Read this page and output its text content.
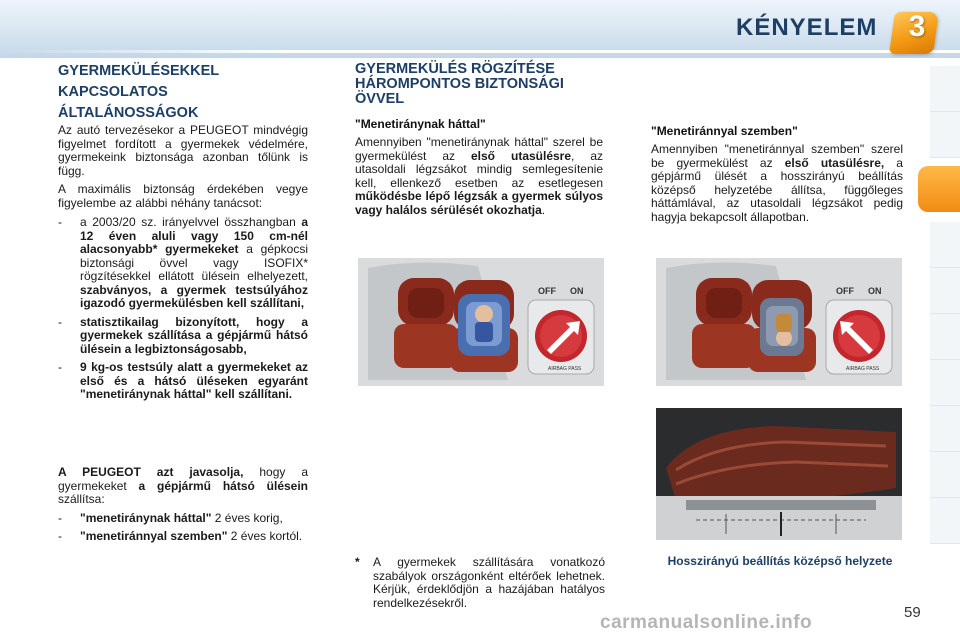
KÉNYELEM 3
GYERMEKÜLÉSEKKEL
KAPCSOLATOS
ÁLTALÁNOSSÁGOK

Az autó tervezésekor a PEUGEOT mindvégig figyelmet fordított a gyermekek védelmére, gyermekeink biztonsága azonban tőlünk is függ.

A maximális biztonság érdekében vegye figyelembe az alábbi néhány tanácsot:

- a 2003/20 sz. irányelvvel összhangban a 12 éven aluli vagy 150 cm-nél alacsonyabb* gyermekeket a gépkocsi biztonsági övvel vagy ISOFIX* rögzítésekkel ellátott ülésein elhelyezett, szabványos, a gyermek testsúlyához igazodó gyermekülésben kell szállítani,
- statisztikailag bizonyított, hogy a gyermekek szállítása a gépjármű hátsó ülésein a legbiztonságosabb,
- 9 kg-os testsúly alatt a gyermekeket az első és a hátsó üléseken egyaránt "menetiránynak háttal" kell szállítani.

A PEUGEOT azt javasolja, hogy a gyermekeket a gépjármű hátsó ülésein szállítsa:

- "menetiránynak háttal" 2 éves korig,
- "menetiránnyal szemben" 2 éves kortól.
GYERMEKÜLÉS RÖGZÍTÉSE
HÁROMPONTOS BIZTONSÁGI
ÖVVEL
"Menetiránynak háttal"

Amennyiben "menetiránynak háttal" szerel be gyermekülést az első utasülésre, az utasoldali légzsákot mindig semlegesítenie kell, ellenkező esetben az esetlegesen működésbe lépő légzsák a gyermek súlyos vagy halálos sérülését okozhatja.

OFF ON
AIRBAG PASS
* A gyermekek szállítására vonatkozó szabályok országonként eltérőek lehetnek. Kérjük, érdeklődjön a hazájában hatályos rendelkezésekről.
"Menetiránnyal szemben"

Amennyiben "menetiránnyal szemben" szerel be gyermekülést az első utasülésre, a gépjármű ülését a hosszirányú beállítás középső helyzetébe állítsa, függőleges háttámlával, az utasoldali légzsákot pedig hagyja bekapcsolt állapotban.

OFF ON
AIRBAG PASS
Hosszirányú beállítás középső helyzete
59
carmanualsonline.info
